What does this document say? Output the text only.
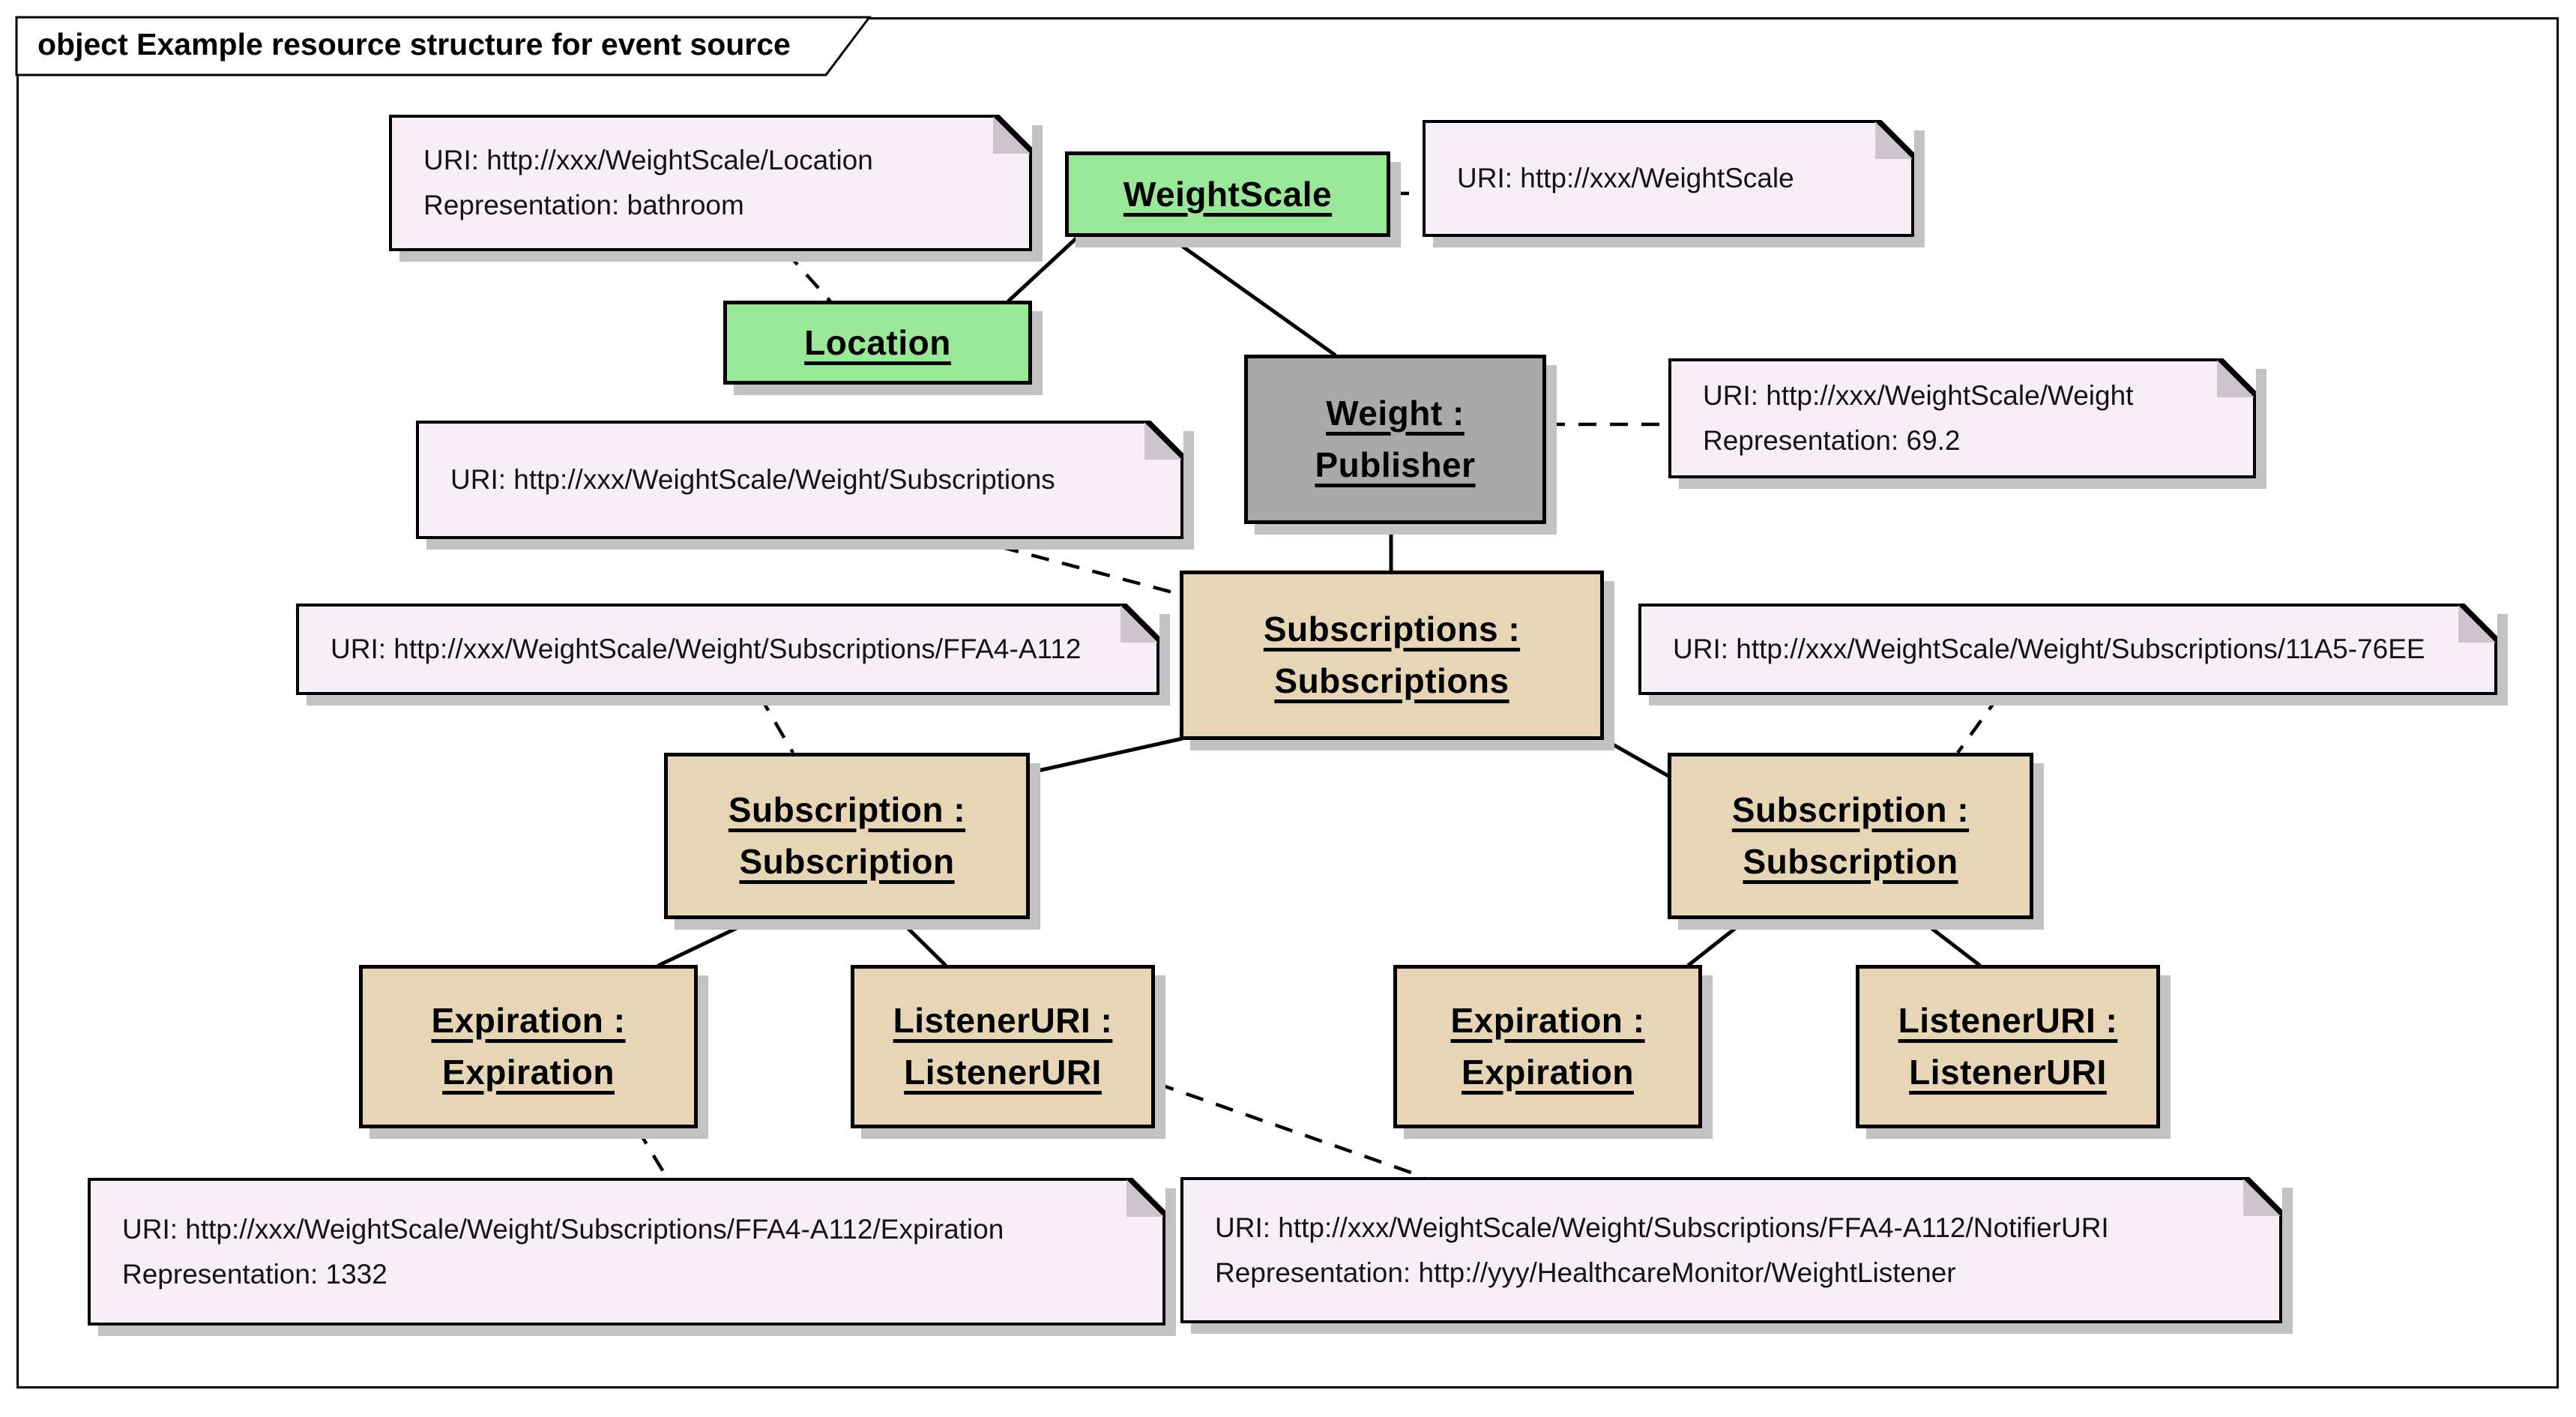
object Example resource structure for event source
WeightScale
Location
Weight :
Publisher
Subscriptions :
Subscriptions
Subscription :
Subscription
Subscription :
Subscription
Expiration :
Expiration
ListenerURI :
ListenerURI
Expiration :
Expiration
ListenerURI :
ListenerURI
URI: http://xxx/WeightScale/Location
Representation: bathroom
URI: http://xxx/WeightScale
URI: http://xxx/WeightScale/Weight
Representation: 69.2
URI: http://xxx/WeightScale/Weight/Subscriptions
URI: http://xxx/WeightScale/Weight/Subscriptions/FFA4-A112	URI: http://xxx/WeightScale/Weight/Subscriptions/11A5-76EE
URI: http://xxx/WeightScale/Weight/Subscriptions/FFA4-A112/Expiration
Representation: 1332
URI: http://xxx/WeightScale/Weight/Subscriptions/FFA4-A112/NotifierURI
Representation: http://yyy/HealthcareMonitor/WeightListener
